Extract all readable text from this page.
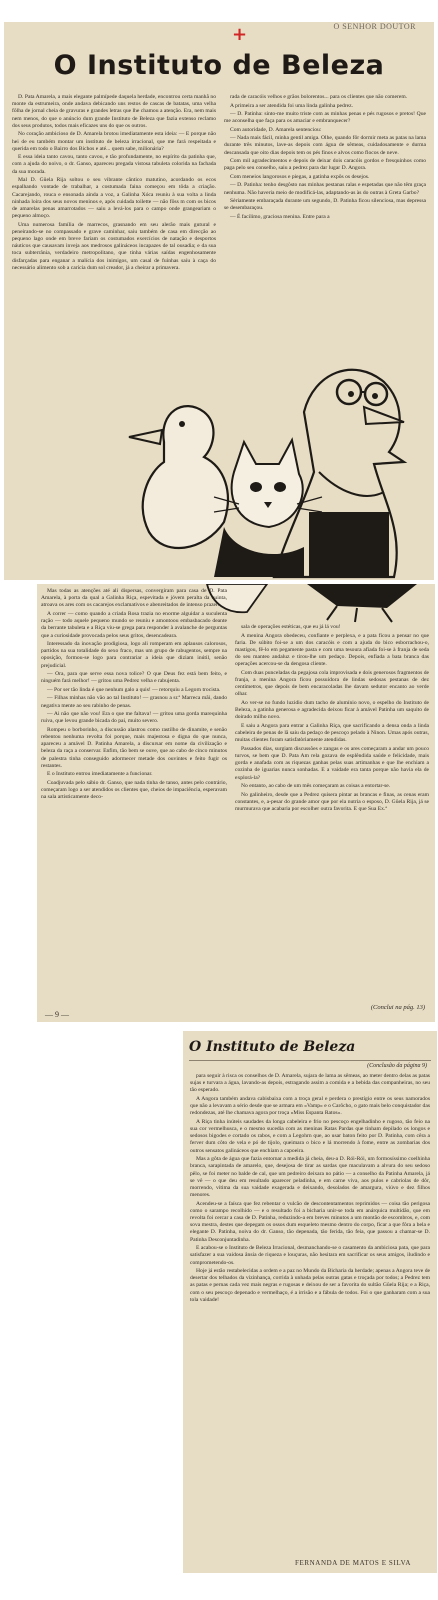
O SENHOR DOUTOR
+
O Instituto de Beleza

D. Pata Amarela, a mais elegante palmípede daquela herdade, encontrou certa manhã no monte da estrumeira, onde andava debicando uns restos de cascas de batatas, uma velha fôlha de jornal cheia de gravuras e grandes letras que lhe chamou a atenção. Era, nem mais nem menos, do que o anúncio dum grande Instituto de Beleza que fazia extenso reclamo dos seus produtos, todos mais eficazes uns do que os outros.

No coração ambicioso de D. Amarela brotou imediatamente esta ideia: — E porque não hei de eu também montar um instituto de beleza irracional, que me fará respeitada e querida em todo o Bairro dos Bichos e até... quem sabe, milionária?

E essa ideia tanto cavou, tanto cavou, e tão profundamente, no espírito da patinha que, com a ajuda do noivo, o dr. Ganso, apareceu pregada vistosa tabuleta colorida na fachada da sua morada.

Mal D. Gûela Rija soltou o seu vibrante cântico matutino, acordando os ecos espalhando vontade de trabalhar, a costumada faina começou em tôda a criação. Cacarejando, rouca e ensonada ainda a voz, a Galinha Xóca reuniu à sua volta a linda ninhada loira dos seus novos meninos e, após cuidada toilette — não fôss m com os bicos de amarelas penas amarrotados — saiu a levá-los para o campo onde grangeariam o pequeno almoço.

Uma numerosa família de marrecos, grasnando em seu alerão mais gutural e peneirando-se no compassado e grave caminhar, saiu também de casa em direcção ao pequeno lago onde em breve fariam os costumados exercícios de natação e desportos náuticos que causavam inveja aos medrosos galináceos incapazes de tal ousadia; e da sua toca subterrânia, verdadeiro metropolitano, que tinha várias saídas engenhosamente disfarçadas para enganar a malícia dos inimigos, um casal de fuinhas saíu à caça do necessário alimento sob a carícia dum sol creador, já a cheirar a primavera.

rada de caracóis velhos e grãos bolorentos... para os clientes que não comerem.

A primeira a ser atendida foi uma linda galinha pedrez.

— D. Patinha: sinto-me muito triste com as minhas penas e pés rugosos e pretos! Que me aconselha que faça para os amaciar e embranquecer?

Com autoridade, D. Amarela sentenciou:

— Nada mais fácil, minha gentil amiga. Olhe, quando fôr dormir meta as patas na lama durante três minutos, lave-as depois com água de sêmeas, cuidadosamente e durma descansada que oito dias depois tem os pés finos e alvos como flocos de neve.

Com mil agradecimentos e depois de deixar dois caracóis gordos e fresquinhos como paga pelo seu conselho, saiu a pedrez para dar lugar D. Angora.

Com meneios langorosos e piegas, a gatinha expôs os desejos.

— D. Patinha: tenho desgôsto nas minhas pestanas ralas e espetadas que não têm graça nenhuma. Não haveria meio de modificá-las, adaptando-as às do outras à Greta Garbo?

Sèriamente embaraçada durante um segundo, D. Patinha ficou silenciosa, mas depressa se desembaraçou.

— É facílimo, graciosa menina. Entre para a

Mas todas as atenções até ali dispersas, convergiram para casa de D. Pata Amarela, à porta da qual a Galinha Riça, espevitada e jóvem peralta da quinta, atroava os ares com os cacarejos exclamativos e abenreitados de intenso prazer.

A correr — como quando a criada Rosa trazia no enorme alguidar a suculenta ração — todo aquele pequeno mundo se reuniu e amontoou embasbacado deante da berrante tabuleta e a Riça viu-se grega para responder à avalanche de perguntas que a curiosidade provocada pelos seus gritos, desencadeara.

Interessado da inovação prodigiosa, logo ali romperam em aplausos calorosos, partidos na sua totalidade do sexo fraco, mas um grupo de rabugentos, sempre na oposição, formou-se logo para contrariar a ideia que diziam inútil, senão prejudicial.

— Ora, para que serve essa nova tolice? O que Deus fez está bem feito, e ninguém fará melhor! — gritou uma Pedrez velha e rabujenta.

— Por ser tão linda é que nenhum galo a quis! — retorquiu a Legorn trocista.

— Filhas minhas não vão ao tal Instituto! — grasnou a sr.ª Marrecа mãi, dando negativa mente ao seu rabinho de penas.

— Ai não que não vou! Era o que me faltava! — gritou uma gorda marequinha ruiva, que levou grande bicada do pai, muito severo.

Rompeu o borborinho, a discussão alastrou como rastilho de dinamite, e senão rebentou nenhuma revolta foi porque, mais majestosa e digna do que nunca, apareceu a amável D. Patinha Amarela, a discursar em nome da civilização e beleza da raça a conservar. Enfim, tão bem se ouve, que ao cabo de cinco minutos de palestra tinha conseguido adormecer metade dos ouvintes e feito fugir os restantes.

E o Instituto entrou imediatamente a funcionar.

Coadjuvada pelo sábio dr. Ganso, que nada tinha de tanso, antes pelo contrário, começaram logo a ser atendidos os clientes que, cheios de impaciência, esperavam na sala artisticamente deco-

sala de operações estéticas, que eu já lá vou!

A menina Angora obedeceu, confiante e perplexa, e a pata ficou a pensar no que faria. De súbito foi-se a um dos caracóis e com a ajuda do bico esborrachou-o, mastigou, fê-lo em pegamente pasta e com uma tesoura afiada foi-se à franja de seda do seu manteo andaluz e tirou-lhe um pedaço. Depois, enfiada a bata branca das operações acercou-se da dengosa cliente.

Com duas punceladas da pegajosa cola improvisada e dois generosos fragmentos de franja, a menina Angora ficou possuidora de lindas sedosas pestanas de dez centímetros, que depois de bem encaracoladas lhe davam sedutor encanto ao verde olhar.

Ao ver-se no fundo luzidio dum tacho de alumínio novo, o espelho do Instituto de Beleza, a gatinha generosa e agradecida deixou ficar à amável Patinha um saquito de doirado milho novo.

E saiu a Angora para entrar a Galinha Riça, que sacrificando a densa onda a linda cabeleira de penas de lã saiu da pedaço de pescoço pelado à Ninon. Umas após outras, muitas clientes foram satisfatòriamente atendidas.

Passados dias, surgiam discussões e zangas e os ares começaram a andar um pouco turvos, se bem que D. Pata Am rela gozava de esplêndida saúde e felicidade, mais gorda e anafada com as riquezas ganhas pelas suas artimanhas e que lhe enchiam a cozinha de iguarias nunca sonhadas. E a vaidade era tanta porque não havia ela de explorá-la?

No entanto, ao cabo de um mês começaram as coisas a entortar-se.

No galinheiro, desde que a Pedrez quisera pintar as brancas e finas, as cenas eram constantes, e, a-pesar do grande amor que por ela nutria o esposo, D. Gûela Rija, já se murmurava que acabaria por escolher outra favorita. E que Sua Ex.ª

(Conclui na pág. 13)
— 9 —
O Instituto de Beleza
(Conclusão da página 9)

para seguir à risca os conselhos de D. Amarela, sujara de lama as sêmeas, ao meter dentro delas as patas sujas e turvara a água, lavando-as depois, estragando assim a comida e a bebida das companheiras, no seu tão esperado.

A Angora também andava cabisbaixa com a troça geral e perdera o prestígio entre os seus namorados que não a levavam a sério desde que se armara em «Vamp» e o Carôcho, o gato mais belo conquistador das redondezas, até lhe chamava agora por troça «Miss Espanta Ratos».

A Riça tinha inúteis saudades da longa cabeleira e frio no pescoço engelhadinho e rugoso, tão feio na sua cor vermelhusca, e o mesmo sucedia com as meninas Ratas Pardas que tinham depilado os longos e sedosos bigodes e cortado os rabos, e com a Legohrn que, ao usar baton feito por D. Patinha, com cêra a ferver dum côto de vela e pó de tijolo, queimara o bico e lá morrendo à fome, entre as zombarias dos outros sensatos galináceos que enchiam a capoeira.

Mas a gôta de água que fazia entornar a medida já cheia, deu-a D. Rói-Rói, um formosíssimo coelhinha branca, sarapintada de amarelo, que, desejosa de tirar as sardas que maculavam a alvura do seu sedoso pêlo, se foi meter no balde de cal, que um pedreiro deixara no pátio — a conselho da Patinha Amarela, já se vê — o que deu em resultado aparecer peladinha, e em carne viva, aos pulos e cabriolas de dôr, morrendo, vítima da sua vaidade exagerada e deixando, desolados de amargura, viúvo e dez filhos menores.

Acendeu-se a faísca que fez rebentar o vulcão de descontentamentos reprimidos — coisa tão perigosa como o sarampo recolhido — e o resultado foi a bicharia unir-se toda em anárquica multidão, que em revolta foi cercar a casa de D. Patinha, reduzindo-a em breves minutos a um montão de escombros, e, com sova mestra, destes que depegam os ossos dum esqueleto mesmo dentro do corpo, ficar a que fôra a bela e elegante D. Patinha, noiva do dr. Ganso, tão depenada, tão ferida, tão feia, que passou a chamar-se D. Patinha Desconjuntadinha.

E acabou-se o Instituto de Beleza Irracional, desmanchando-se o casamento da ambiciosa pata, que para satisfazer a sua vaidosa ânsia de riqueza e louçuras, não hesitara em sacrificar os seus amigos, iludindo e comprometendo-os.

Hoje já estão restabelecidas a ordem e a paz no Mundo da Bicharia da herdade; apenas a Angora teve de desertar dos telhados da vizinhança, corrida à unhada pelas outras gatas e troçada por todos; a Pedrez tem as patas e pernas cada vez mais negras e rugosas e deixou de ser a favorita do sultão Gûela Rija; e a Riça, com o seu pescoço depenado e vermelhaço, é a irrisão e a fábula de todos. Foi o que ganharam com a sua tola vaidade!

FERNANDA DE MATOS E SILVA
